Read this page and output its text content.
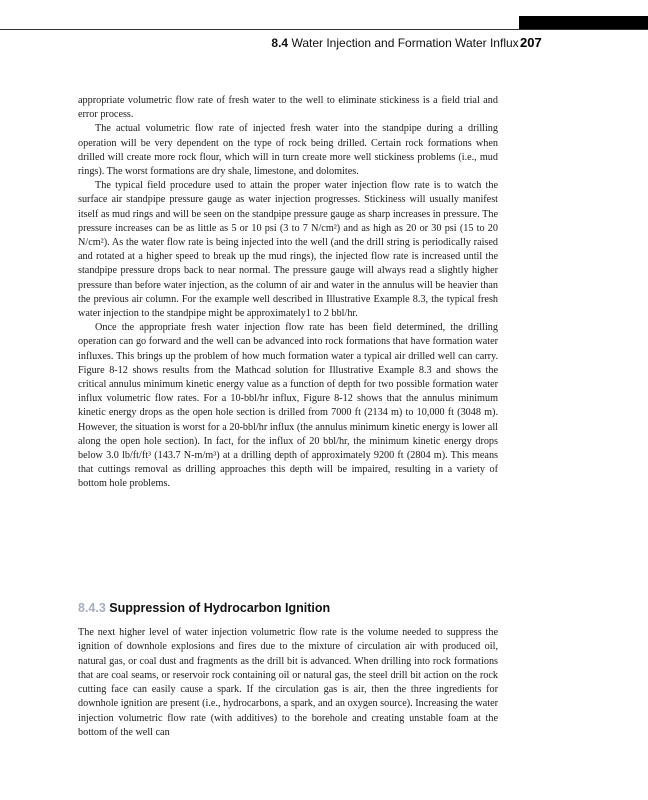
8.4 Water Injection and Formation Water Influx 207

appropriate volumetric flow rate of fresh water to the well to eliminate stickiness is a field trial and error process.

The actual volumetric flow rate of injected fresh water into the standpipe during a drilling operation will be very dependent on the type of rock being drilled. Certain rock formations when drilled will create more rock flour, which will in turn create more well stickiness problems (i.e., mud rings). The worst formations are dry shale, limestone, and dolomites.

The typical field procedure used to attain the proper water injection flow rate is to watch the surface air standpipe pressure gauge as water injection progresses. Stickiness will usually manifest itself as mud rings and will be seen on the standpipe pressure gauge as sharp increases in pressure. The pressure increases can be as little as 5 or 10 psi (3 to 7 N/cm²) and as high as 20 or 30 psi (15 to 20 N/cm²). As the water flow rate is being injected into the well (and the drill string is periodically raised and rotated at a higher speed to break up the mud rings), the injected flow rate is increased until the standpipe pressure drops back to near normal. The pressure gauge will always read a slightly higher pressure than before water injection, as the column of air and water in the annulus will be heavier than the previous air column. For the example well described in Illustrative Example 8.3, the typical fresh water injection to the standpipe might be approximately1 to 2 bbl/hr.

Once the appropriate fresh water injection flow rate has been field determined, the drilling operation can go forward and the well can be advanced into rock formations that have formation water influxes. This brings up the problem of how much formation water a typical air drilled well can carry. Figure 8-12 shows results from the Mathcad solution for Illustrative Example 8.3 and shows the critical annulus minimum kinetic energy value as a function of depth for two possible formation water influx volumetric flow rates. For a 10-bbl/hr influx, Figure 8-12 shows that the annulus minimum kinetic energy drops as the open hole section is drilled from 7000 ft (2134 m) to 10,000 ft (3048 m). However, the situation is worst for a 20-bbl/hr influx (the annulus minimum kinetic energy is lower all along the open hole section). In fact, for the influx of 20 bbl/hr, the minimum kinetic energy drops below 3.0 lb/ft/ft³ (143.7 N-m/m³) at a drilling depth of approximately 9200 ft (2804 m). This means that cuttings removal as drilling approaches this depth will be impaired, resulting in a variety of bottom hole problems.

8.4.3 Suppression of Hydrocarbon Ignition

The next higher level of water injection volumetric flow rate is the volume needed to suppress the ignition of downhole explosions and fires due to the mixture of circulation air with produced oil, natural gas, or coal dust and fragments as the drill bit is advanced. When drilling into rock formations that are coal seams, or reservoir rock containing oil or natural gas, the steel drill bit action on the rock cutting face can easily cause a spark. If the circulation gas is air, then the three ingredients for downhole ignition are present (i.e., hydrocarbons, a spark, and an oxygen source). Increasing the water injection volumetric flow rate (with additives) to the borehole and creating unstable foam at the bottom of the well can
